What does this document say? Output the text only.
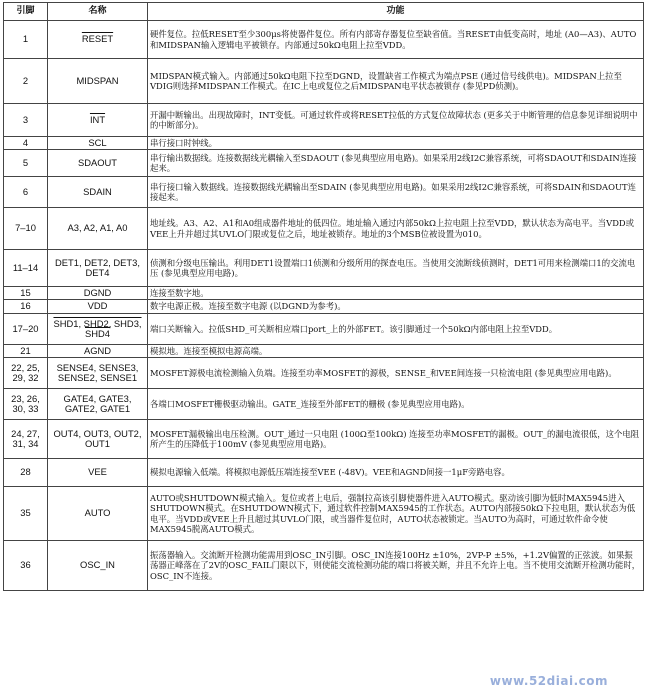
引脚	名称	功能
1	RESET	硬件复位。拉低RESET至少300μs将使器件复位。所有内部寄存器复位至缺省值。当RESET由低变高时，地址 (A0—A3)、AUTO和MIDSPAN输入逻辑电平被锁存。内部通过50kΩ电阻上拉至VDD。
2	MIDSPAN	MIDSPAN模式输入。内部通过50kΩ电阻下拉至DGND，设置缺省工作模式为端点PSE (通过信号线供电)。MIDSPAN上拉至VDIG则选择MIDSPAN工作模式。在IC上电或复位之后MIDSPAN电平状态被锁存 (参见PD侦测)。
3	$\overline{INT}$	开漏中断输出。出现故障时，INT变低。可通过软件或将RESET拉低的方式复位故障状态 (更多关于中断管理的信息参见详细说明中的中断部分)。
4	SCL	串行接口时钟线。
5	SDAOUT	串行输出数据线。连接数据线光耦输入至SDAOUT (参见典型应用电路)。如果采用2线I2C兼容系统，可将SDAOUT和SDAIN连接起来。
6	SDAIN	串行接口输入数据线。连接数据线光耦输出至SDAIN (参见典型应用电路)。如果采用2线I2C兼容系统，可将SDAIN和SDAOUT连接起来。
7–10	A3, A2, A1, A0	地址线。A3、A2、A1和A0组成器件地址的低四位。地址输入通过内部50kΩ上拉电阻上拉至VDD，默认状态为高电平。当VDD或VEE上升并超过其UVLO门限或复位之后，地址被锁存。地址的3个MSB位被设置为010。
11–14	DET1, DET2, DET3, DET4	侦测和分级电压输出。利用DET1设置端口1侦测和分级所用的探查电压。当使用交流断线侦测时，DET1可用来检测端口1的交流电压 (参见典型应用电路)。
15	DGND	连接至数字地。
16	VDD	数字电源正极。连接至数字电源 (以DGND为参考)。
17–20	SHD1, SHD2, SHD3, SHD4	端口关断输入。拉低SHD_可关断相应端口port_上的外部FET。该引脚通过一个50kΩ内部电阻上拉至VDD。
21	AGND	模拟地。连接至模拟电源高端。
22, 25, 29, 32	SENSE4, SENSE3, SENSE2, SENSE1	MOSFET源极电流检测输入负端。连接至功率MOSFET的源极，SENSE_和VEE间连接一只检流电阻 (参见典型应用电路)。
23, 26, 30, 33	GATE4, GATE3, GATE2, GATE1	各端口MOSFET栅极驱动输出。GATE_连接至外部FET的栅极 (参见典型应用电路)。
24, 27, 31, 34	OUT4, OUT3, OUT2, OUT1	MOSFET漏极输出电压检测。OUT_通过一只电阻 (100Ω至100kΩ) 连接至功率MOSFET的漏极。OUT_的漏电流很低，这个电阻所产生的压降低于100mV (参见典型应用电路)。
28	VEE	模拟电源输入低端。将模拟电源低压端连接至VEE (-48V)。VEE和AGND间接一1μF旁路电容。
35	AUTO	AUTO或SHUTDOWN模式输入。复位或者上电后，强制拉高该引脚使器件进入AUTO模式。驱动该引脚为低时MAX5945进入SHUTDOWN模式。在SHUTDOWN模式下，通过软件控制MAX5945的工作状态。AUTO内部接50kΩ下拉电阻，默认状态为低电平。当VDD或VEE上升且超过其UVLO门限，或当器件复位时，AUTO状态被锁定。当AUTO为高时，可通过软件命令使MAX5945脱离AUTO模式。
36	OSC_IN	振荡器输入。交流断开检测功能需用到OSC_IN引脚。OSC_IN连接100Hz ±10%，2VP-P ±5%，+1.2V偏置的正弦波。如果振荡器正峰落在了2V的OSC_FAIL门限以下，则使能交流检测功能的端口将被关断，并且不允许上电。当不使用交流断开检测功能时，OSC_IN不连接。
www.52diai.com
